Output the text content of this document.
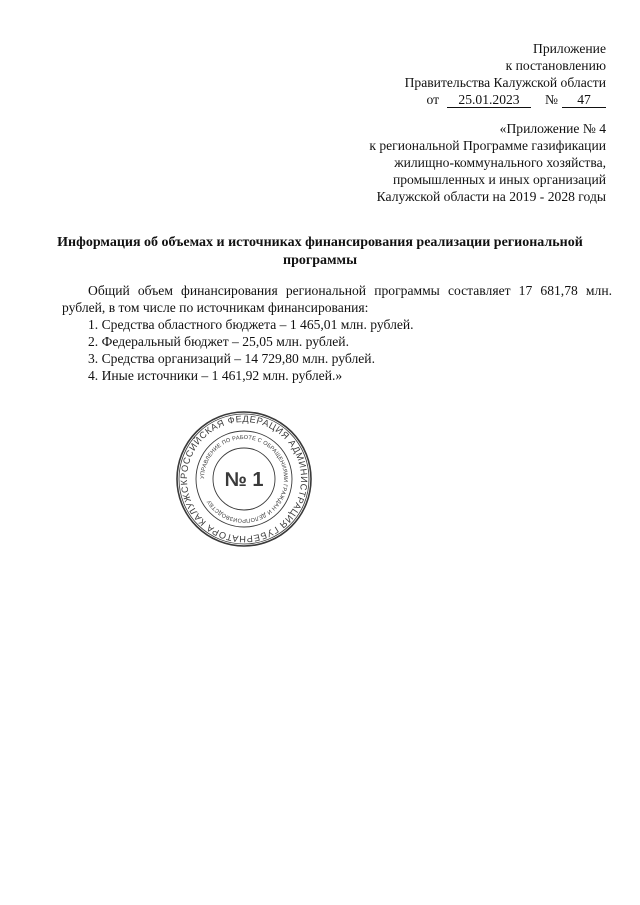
Приложение
к постановлению
Правительства Калужской области
от 25.01.2023 № 47
«Приложение № 4
к региональной Программе газификации
жилищно-коммунального хозяйства,
промышленных и иных организаций
Калужской области на 2019 - 2028 годы
Информация об объемах и источниках финансирования реализации региональной программы

Общий объем финансирования региональной программы составляет 17 681,78 млн. рублей, в том числе по источникам финансирования:

1. Средства областного бюджета – 1 465,01 млн. рублей.
2. Федеральный бюджет – 25,05 млн. рублей.
3. Средства организаций – 14 729,80 млн. рублей.
4. Иные источники – 1 461,92 млн. рублей.»
РОССИЙСКАЯ ФЕДЕРАЦИЯ АДМИНИСТРАЦИЯ ГУБЕРНАТОРА КАЛУЖСК
УПРАВЛЕНИЕ ПО РАБОТЕ С ОБРАЩЕНИЯМИ ГРАЖДАН И ДЕЛОПРОИЗВОДСТВУ
№ 1
